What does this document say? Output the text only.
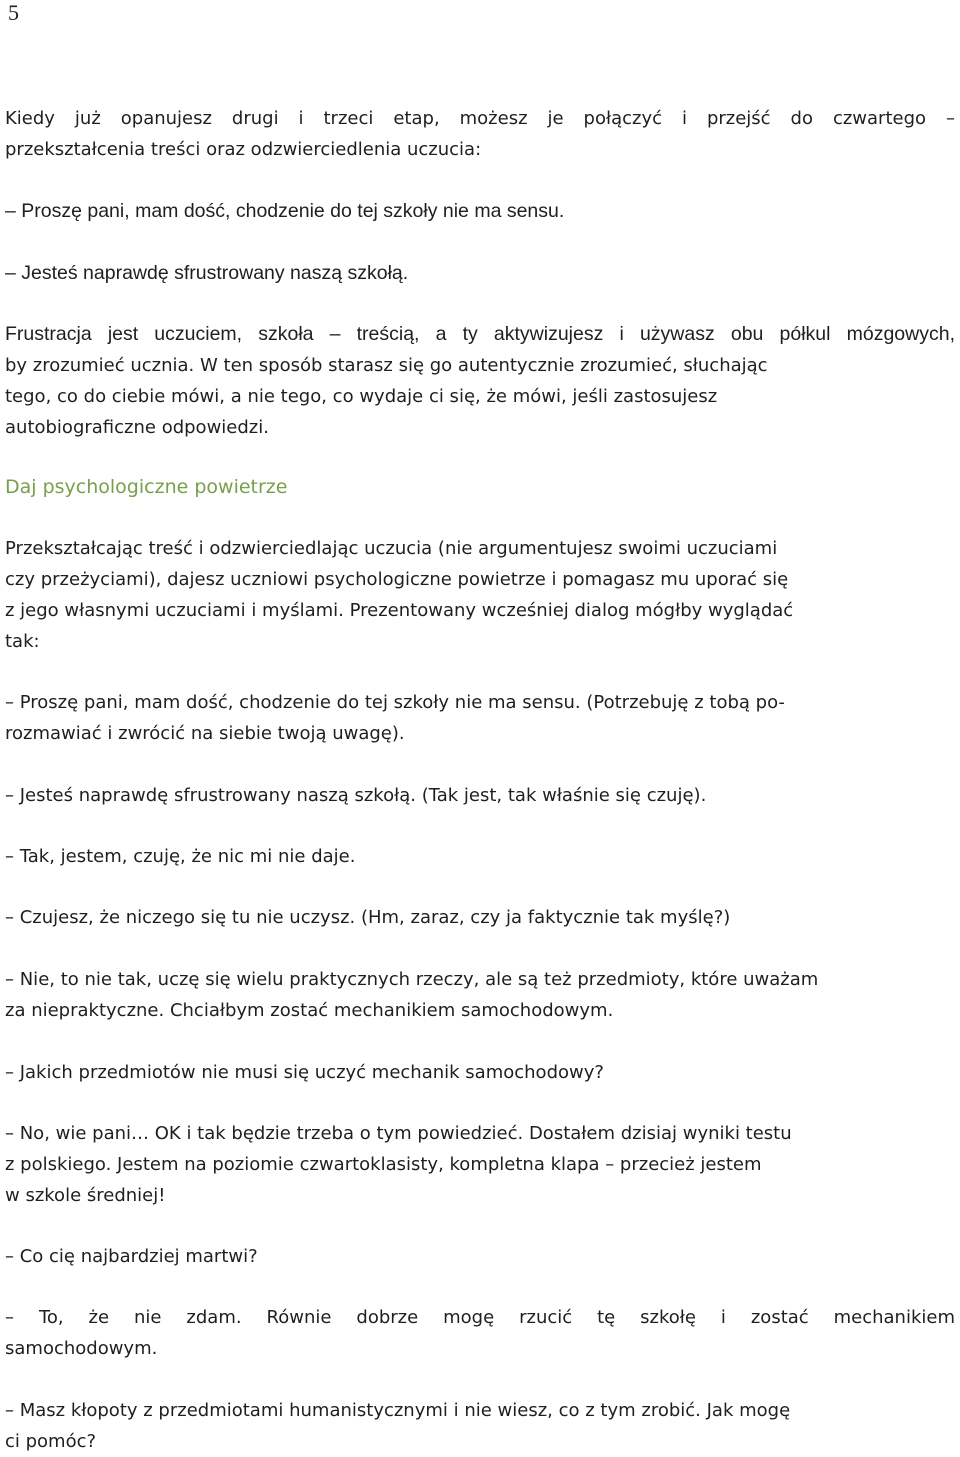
5

Kiedy już opanujesz drugi i trzeci etap, możesz je połączyć i przejść do czwartego –
przekształcenia treści oraz odzwierciedlenia uczucia:

– Proszę pani, mam dość, chodzenie do tej szkoły nie ma sensu.

– Jesteś naprawdę sfrustrowany naszą szkołą.

Frustracja jest uczuciem, szkoła – treścią, a ty aktywizujesz i używasz obu półkul mózgowych,
by zrozumieć ucznia. W ten sposób starasz się go autentycznie zrozumieć, słuchając
tego, co do ciebie mówi, a nie tego, co wydaje ci się, że mówi, jeśli zastosujesz
autobiograficzne odpowiedzi.

Daj psychologiczne powietrze

Przekształcając treść i odzwierciedlając uczucia (nie argumentujesz swoimi uczuciami
czy przeżyciami), dajesz uczniowi psychologiczne powietrze i pomagasz mu uporać się
z jego własnymi uczuciami i myślami. Prezentowany wcześniej dialog mógłby wyglądać
tak:

– Proszę pani, mam dość, chodzenie do tej szkoły nie ma sensu. (Potrzebuję z tobą po-
rozmawiać i zwrócić na siebie twoją uwagę).

– Jesteś naprawdę sfrustrowany naszą szkołą. (Tak jest, tak właśnie się czuję).

– Tak, jestem, czuję, że nic mi nie daje.

– Czujesz, że niczego się tu nie uczysz. (Hm, zaraz, czy ja faktycznie tak myślę?)

– Nie, to nie tak, uczę się wielu praktycznych rzeczy, ale są też przedmioty, które uważam
za niepraktyczne. Chciałbym zostać mechanikiem samochodowym.

– Jakich przedmiotów nie musi się uczyć mechanik samochodowy?

– No, wie pani… OK i tak będzie trzeba o tym powiedzieć. Dostałem dzisiaj wyniki testu
z polskiego. Jestem na poziomie czwartoklasisty, kompletna klapa – przecież jestem
w szkole średniej!

– Co cię najbardziej martwi?

– To, że nie zdam. Równie dobrze mogę rzucić tę szkołę i zostać mechanikiem
samochodowym.

– Masz kłopoty z przedmiotami humanistycznymi i nie wiesz, co z tym zrobić. Jak mogę
ci pomóc?
